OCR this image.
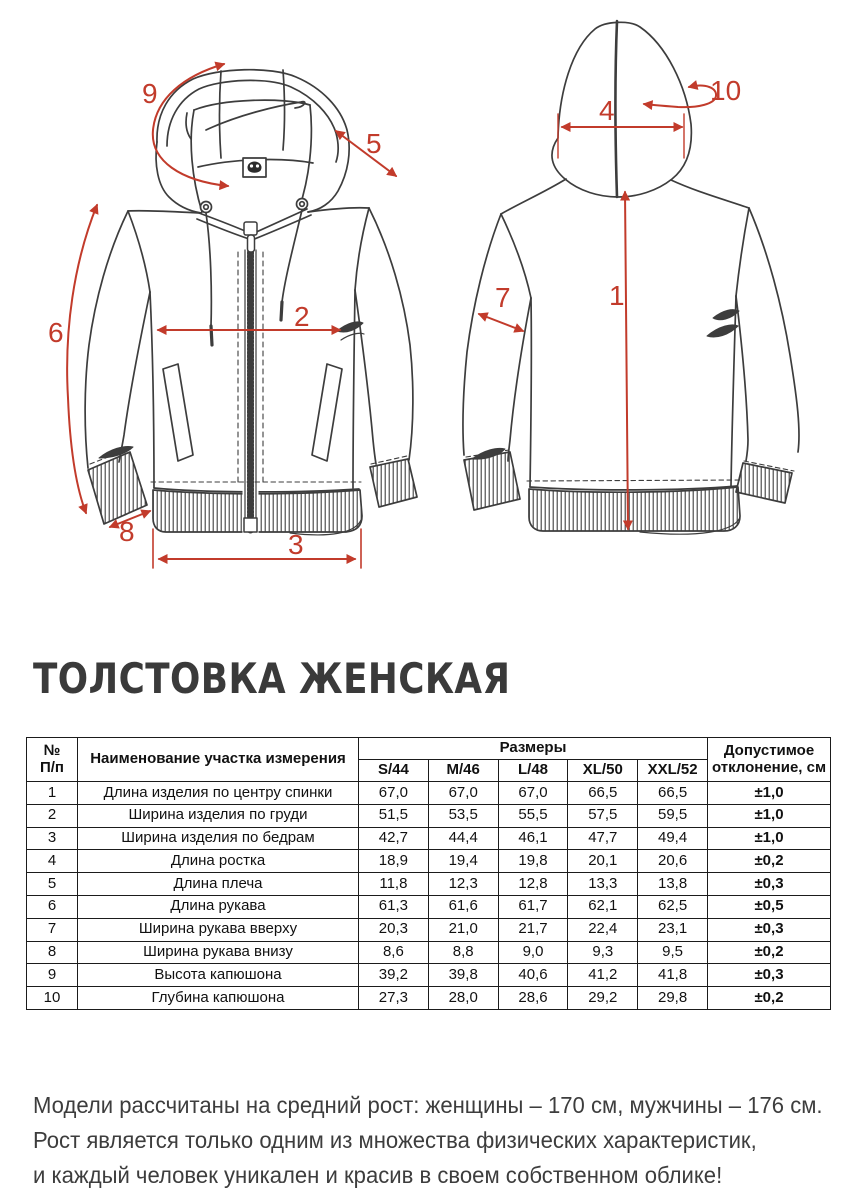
9
5
6
2
8	3
10
4
1
7
ТОЛСТОВКА ЖЕНСКАЯ
№
П/п	Наименование участка измерения	Размеры	Допустимое
отклонение, см

		S/44	M/46	L/48	XL/50	XXL/52	
1	Длина изделия по центру спинки	67,0	67,0	67,0	66,5	66,5	±1,0
2	Ширина изделия по груди	51,5	53,5	55,5	57,5	59,5	±1,0
3	Ширина изделия по бедрам	42,7	44,4	46,1	47,7	49,4	±1,0
4	Длина ростка	18,9	19,4	19,8	20,1	20,6	±0,2
5	Длина плеча	11,8	12,3	12,8	13,3	13,8	±0,3
6	Длина рукава	61,3	61,6	61,7	62,1	62,5	±0,5
7	Ширина рукава вверху	20,3	21,0	21,7	22,4	23,1	±0,3
8	Ширина рукава внизу	8,6	8,8	9,0	9,3	9,5	±0,2
9	Высота капюшона	39,2	39,8	40,6	41,2	41,8	±0,3
10	Глубина капюшона	27,3	28,0	28,6	29,2	29,8	±0,2
Модели рассчитаны на средний рост: женщины – 170 см, мужчины – 176 см.
Рост является только одним из множества физических характеристик,
и каждый человек уникален и красив в своем собственном облике!
